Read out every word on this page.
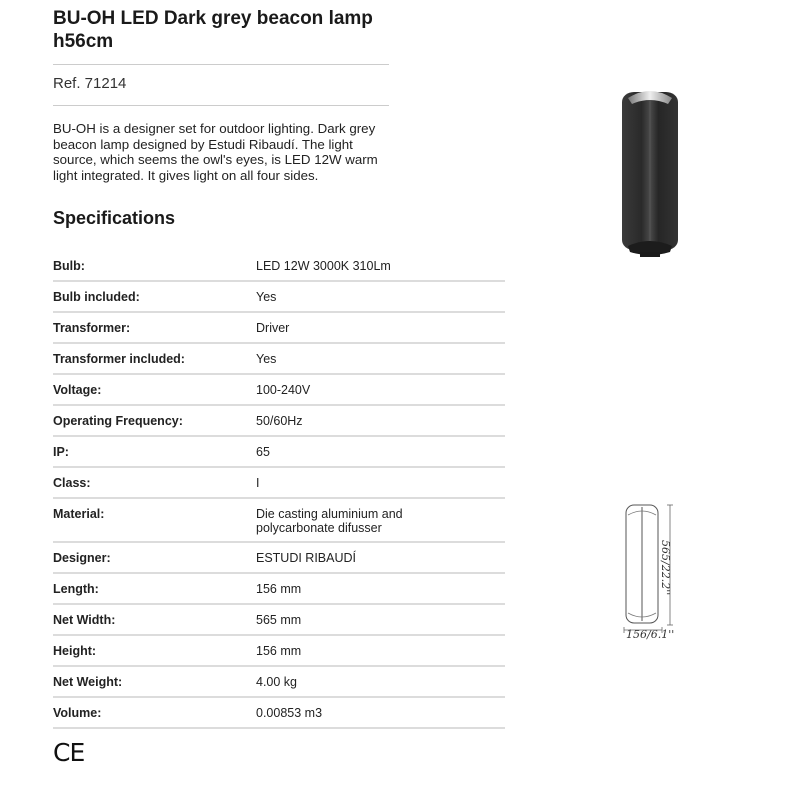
BU-OH LED Dark grey beacon lamp h56cm
Ref. 71214

BU-OH is a designer set for outdoor lighting. Dark grey beacon lamp designed by Estudi Ribaudí. The light source, which seems the owl's eyes, is LED 12W warm light integrated. It gives light on all four sides.

Specifications
Bulb:	LED 12W 3000K 310Lm
Bulb included:	Yes
Transformer:	Driver
Transformer included:	Yes
Voltage:	100-240V
Operating Frequency:	50/60Hz
IP:	65
Class:	I
Material:	Die casting aluminium and polycarbonate difusser
Designer:	ESTUDI RIBAUDÍ
Length:	156 mm
Net Width:	565 mm
Height:	156 mm
Net Weight:	4.00 kg
Volume:	0.00853 m3
CE
565/22.2''
156/6.1''
